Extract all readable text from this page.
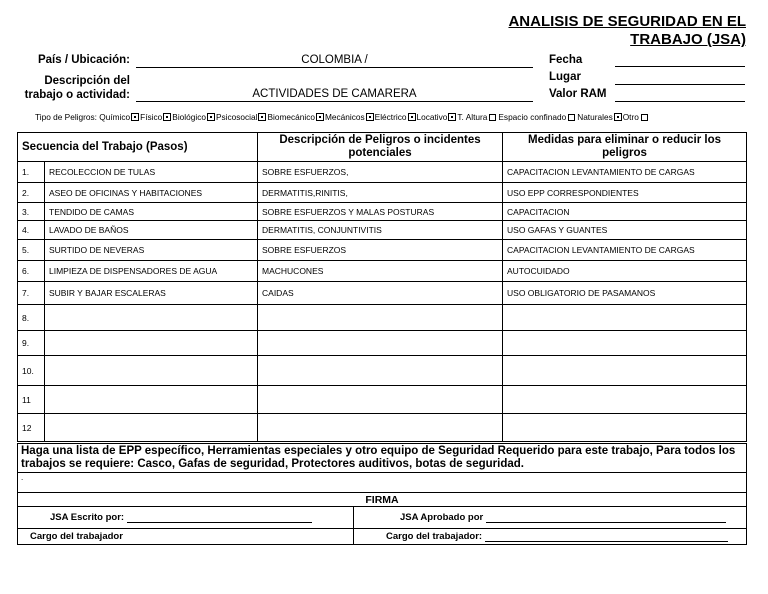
ANALISIS DE SEGURIDAD EN EL
TRABAJO (JSA)
País / Ubicación:	COLOMBIA /
Descripción del
trabajo o actividad:	ACTIVIDADES DE CAMARERA
Fecha
Lugar
Valor RAM
Tipo de Peligros: Químico Físico Biológico Psicosocial Biomecánico Mecánicos Eléctrico Locativo T. Altura Espacio confinado Naturales Otro
Secuencia del Trabajo (Pasos)		Descripción de Peligros o incidentes potenciales	Medidas para eliminar o reducir los peligros
1.	RECOLECCION DE TULAS	SOBRE ESFUERZOS,	CAPACITACION LEVANTAMIENTO DE CARGAS
2.	ASEO DE OFICINAS Y HABITACIONES	DERMATITIS,RINITIS,	USO EPP CORRESPONDIENTES
3.	TENDIDO DE CAMAS	SOBRE ESFUERZOS Y MALAS POSTURAS	CAPACITACION
4.	LAVADO DE BAÑOS	DERMATITIS, CONJUNTIVITIS	USO GAFAS Y GUANTES
5.	SURTIDO DE NEVERAS	SOBRE ESFUERZOS	CAPACITACION LEVANTAMIENTO DE CARGAS
6.	LIMPIEZA DE DISPENSADORES DE AGUA	MACHUCONES	AUTOCUIDADO
7.	SUBIR Y BAJAR ESCALERAS	CAIDAS	USO OBLIGATORIO DE PASAMANOS
8.			
9.			
10.			
11			
12			
Haga una lista de EPP específico, Herramientas especiales y otro equipo de Seguridad Requerido para este trabajo, Para todos los trabajos se requiere: Casco, Gafas de seguridad, Protectores auditivos, botas de seguridad.	
.	
FIRMA	
JSA Escrito por:	JSA Aprobado por
Cargo del trabajador	Cargo del trabajador:
